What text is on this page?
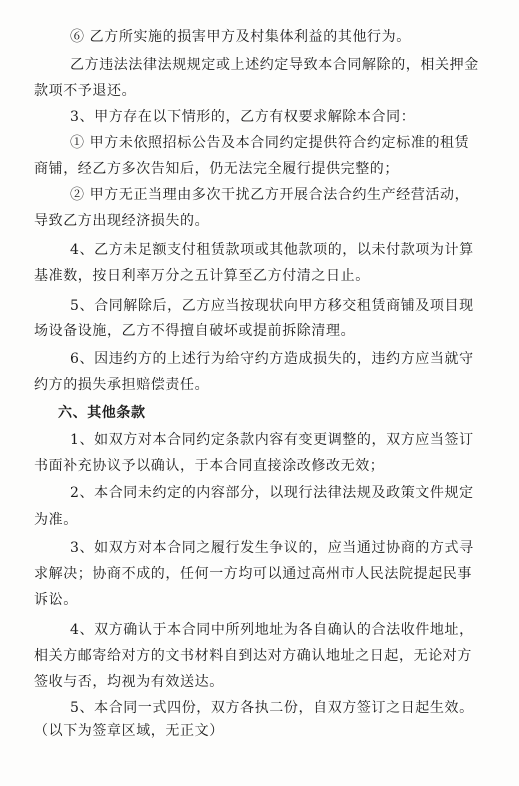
⑥ 乙方所实施的损害甲方及村集体利益的其他行为。
乙方违法法律法规规定或上述约定导致本合同解除的，相关押金
款项不予退还。
3、甲方存在以下情形的，乙方有权要求解除本合同：
① 甲方未依照招标公告及本合同约定提供符合约定标准的租赁
商铺，经乙方多次告知后，仍无法完全履行提供完整的；
② 甲方无正当理由多次干扰乙方开展合法合约生产经营活动，
导致乙方出现经济损失的。
4、乙方未足额支付租赁款项或其他款项的，以未付款项为计算
基准数，按日利率万分之五计算至乙方付清之日止。
5、合同解除后，乙方应当按现状向甲方移交租赁商铺及项目现
场设备设施，乙方不得擅自破坏或提前拆除清理。
6、因违约方的上述行为给守约方造成损失的，违约方应当就守
约方的损失承担赔偿责任。
六、其他条款
1、如双方对本合同约定条款内容有变更调整的，双方应当签订
书面补充协议予以确认，于本合同直接涂改修改无效；
2、本合同未约定的内容部分，以现行法律法规及政策文件规定
为准。
3、如双方对本合同之履行发生争议的，应当通过协商的方式寻
求解决；协商不成的，任何一方均可以通过高州市人民法院提起民事
诉讼。
4、双方确认于本合同中所列地址为各自确认的合法收件地址，
相关方邮寄给对方的文书材料自到达对方确认地址之日起，无论对方
签收与否，均视为有效送达。
5、本合同一式四份，双方各执二份，自双方签订之日起生效。
（以下为签章区域，无正文）
